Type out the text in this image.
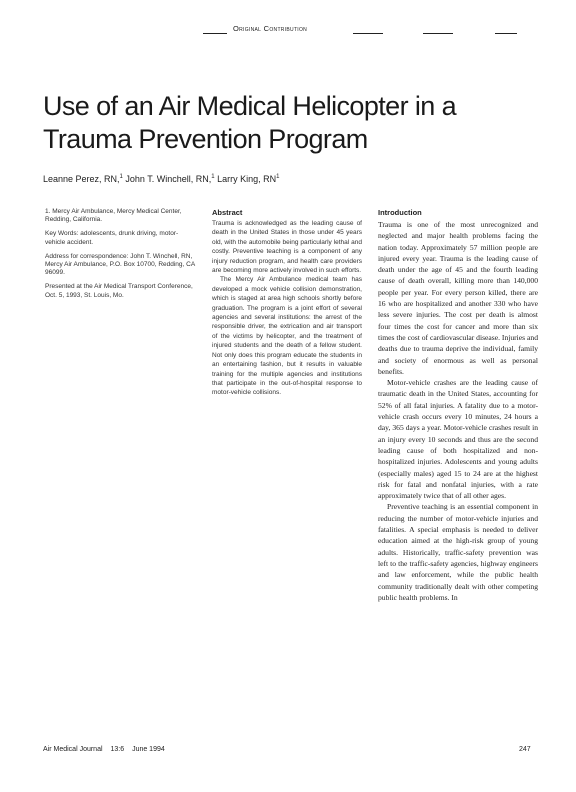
Original Contribution
Use of an Air Medical Helicopter in a
Trauma Prevention Program
Leanne Perez, RN,$^1$ John T. Winchell, RN,$^1$ Larry King, $RN^1$

1. Mercy Air Ambulance, Mercy Medical Center, Redding, California.

Key Words: adolescents, drunk driving, motor-vehicle accident.

Address for correspondence: John T. Winchell, RN, Mercy Air Ambulance, P.O. Box 10700, Redding, CA 96099.

Presented at the Air Medical Transport Conference, Oct. 5, 1993, St. Louis, Mo.

Abstract

Trauma is acknowledged as the leading cause of death in the United States in those under 45 years old, with the automobile being particularly lethal and costly. Preventive teaching is a component of any injury reduction program, and health care providers are becoming more actively involved in such efforts.

The Mercy Air Ambulance medical team has developed a mock vehicle collision demonstration, which is staged at area high schools shortly before graduation. The program is a joint effort of several agencies and several institutions: the arrest of the responsible driver, the extrication and air transport of the victims by helicopter, and the treatment of injured students and the death of a fellow student. Not only does this program educate the students in an entertaining fashion, but it results in valuable training for the multiple agencies and institutions that participate in the out-of-hospital response to motor-vehicle collisions.

Introduction

Trauma is one of the most unrecognized and neglected and major health problems facing the nation today. Approximately 57 million people are injured every year. Trauma is the leading cause of death under the age of 45 and the fourth leading cause of death overall, killing more than 140,000 people per year. For every person killed, there are 16 who are hospitalized and another 330 who have less severe injuries. The cost per death is almost four times the cost for cancer and more than six times the cost of cardiovascular disease. Injuries and deaths due to trauma deprive the individual, family and society of enormous as well as personal benefits.

Motor-vehicle crashes are the leading cause of traumatic death in the United States, accounting for 52% of all fatal injuries. A fatality due to a motor-vehicle crash occurs every 10 minutes, 24 hours a day, 365 days a year. Motor-vehicle crashes result in an injury every 10 seconds and thus are the second leading cause of both hospitalized and non-hospitalized injuries. Adolescents and young adults (especially males) aged 15 to 24 are at the highest risk for fatal and nonfatal injuries, with a rate approximately twice that of all other ages.

Preventive teaching is an essential component in reducing the number of motor-vehicle injuries and fatalities. A special emphasis is needed to deliver education aimed at the high-risk group of young adults. Historically, traffic-safety prevention was left to the traffic-safety agencies, highway engineers and law enforcement, while the public health community traditionally dealt with other competing public health problems. In

Air Medical Journal 13:6 June 1994	247
